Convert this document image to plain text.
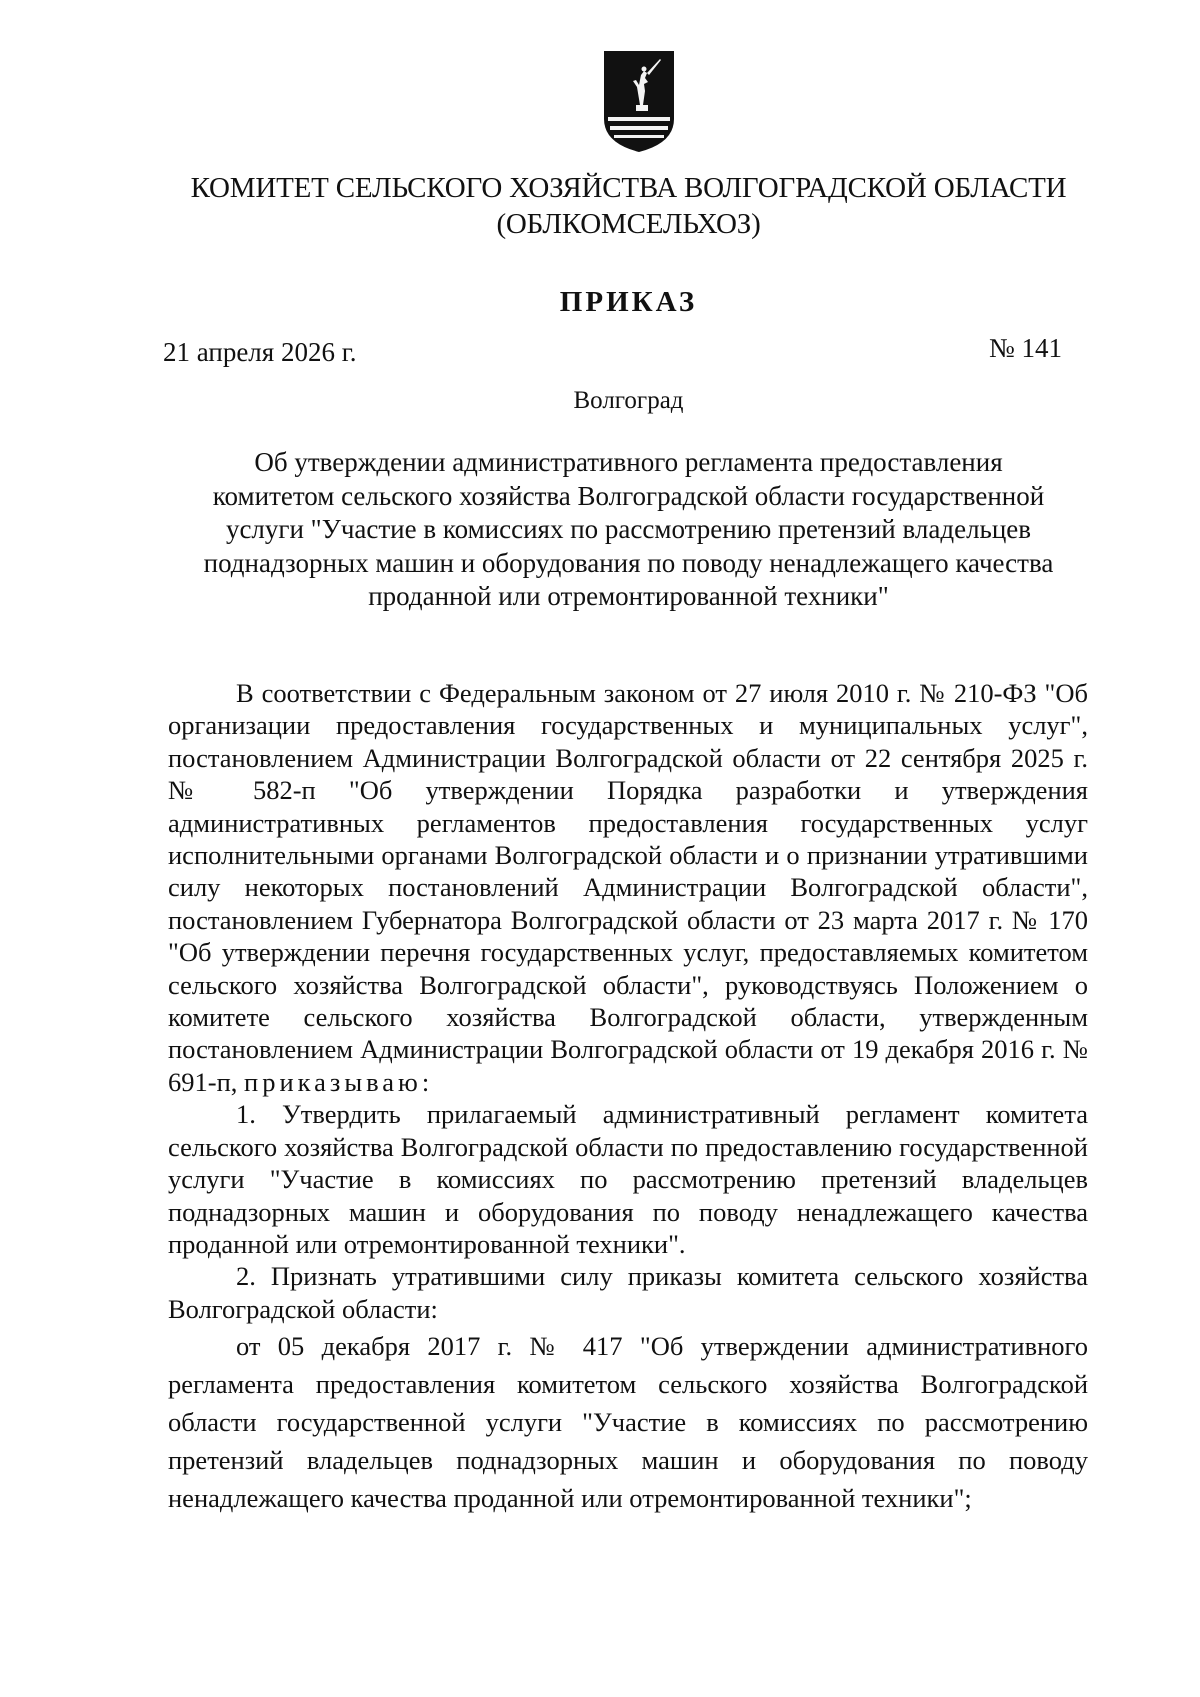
КОМИТЕТ СЕЛЬСКОГО ХОЗЯЙСТВА ВОЛГОГРАДСКОЙ ОБЛАСТИ
(ОБЛКОМСЕЛЬХОЗ)
ПРИКАЗ
21 апреля 2026 г.	№ 141
Волгоград
Об утверждении административного регламента предоставления
комитетом сельского хозяйства Волгоградской области государственной
услуги "Участие в комиссиях по рассмотрению претензий владельцев
поднадзорных машин и оборудования по поводу ненадлежащего качества
проданной или отремонтированной техники"

В соответствии с Федеральным законом от 27 июля 2010 г. № 210-ФЗ "Об организации предоставления государственных и муниципальных услуг", постановлением Администрации Волгоградской области от 22 сентября 2025 г. № 582-п "Об утверждении Порядка разработки и утверждения административных регламентов предоставления государственных услуг исполнительными органами Волгоградской области и о признании утратившими силу некоторых постановлений Администрации Волгоградской области", постановлением Губернатора Волгоградской области от 23 марта 2017 г. № 170 "Об утверждении перечня государственных услуг, предоставляемых комитетом сельского хозяйства Волгоградской области", руководствуясь Положением о комитете сельского хозяйства Волгоградской области, утвержденным постановлением Администрации Волгоградской области от 19 декабря 2016 г. № 691-п, приказываю:

1. Утвердить прилагаемый административный регламент комитета сельского хозяйства Волгоградской области по предоставлению государственной услуги "Участие в комиссиях по рассмотрению претензий владельцев поднадзорных машин и оборудования по поводу ненадлежащего качества проданной или отремонтированной техники".

2. Признать утратившими силу приказы комитета сельского хозяйства Волгоградской области:

от 05 декабря 2017 г. № 417 "Об утверждении административного регламента предоставления комитетом сельского хозяйства Волгоградской области государственной услуги "Участие в комиссиях по рассмотрению претензий владельцев поднадзорных машин и оборудования по поводу ненадлежащего качества проданной или отремонтированной техники";
